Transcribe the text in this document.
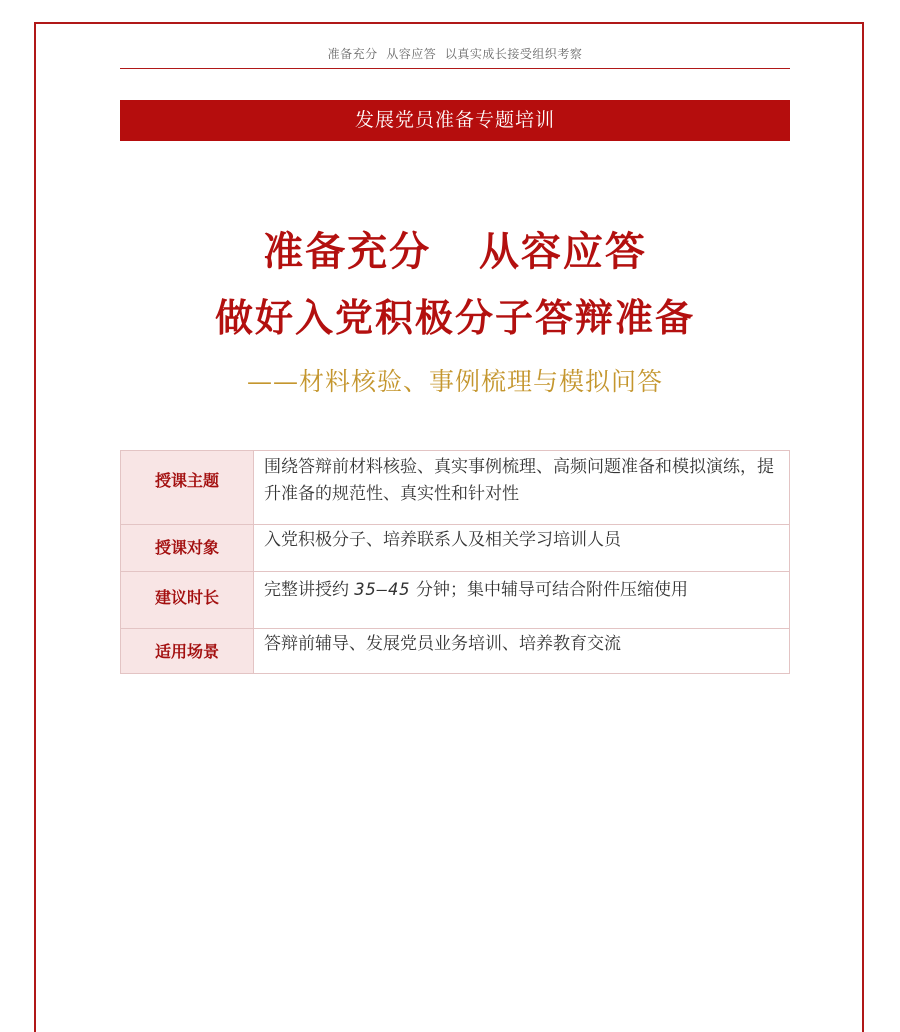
准备充分  从容应答  以真实成长接受组织考察
发展党员准备专题培训
准备充分   从容应答
做好入党积极分子答辩准备
——材料核验、事例梳理与模拟问答
授课主题	围绕答辩前材料核验、真实事例梳理、高频问题准备和模拟演练，提升准备的规范性、真实性和针对性

授课对象	入党积极分子、培养联系人及相关学习培训人员

建议时长	完整讲授约 35—45 分钟；集中辅导可结合附件压缩使用

适用场景	答辩前辅导、发展党员业务培训、培养教育交流
